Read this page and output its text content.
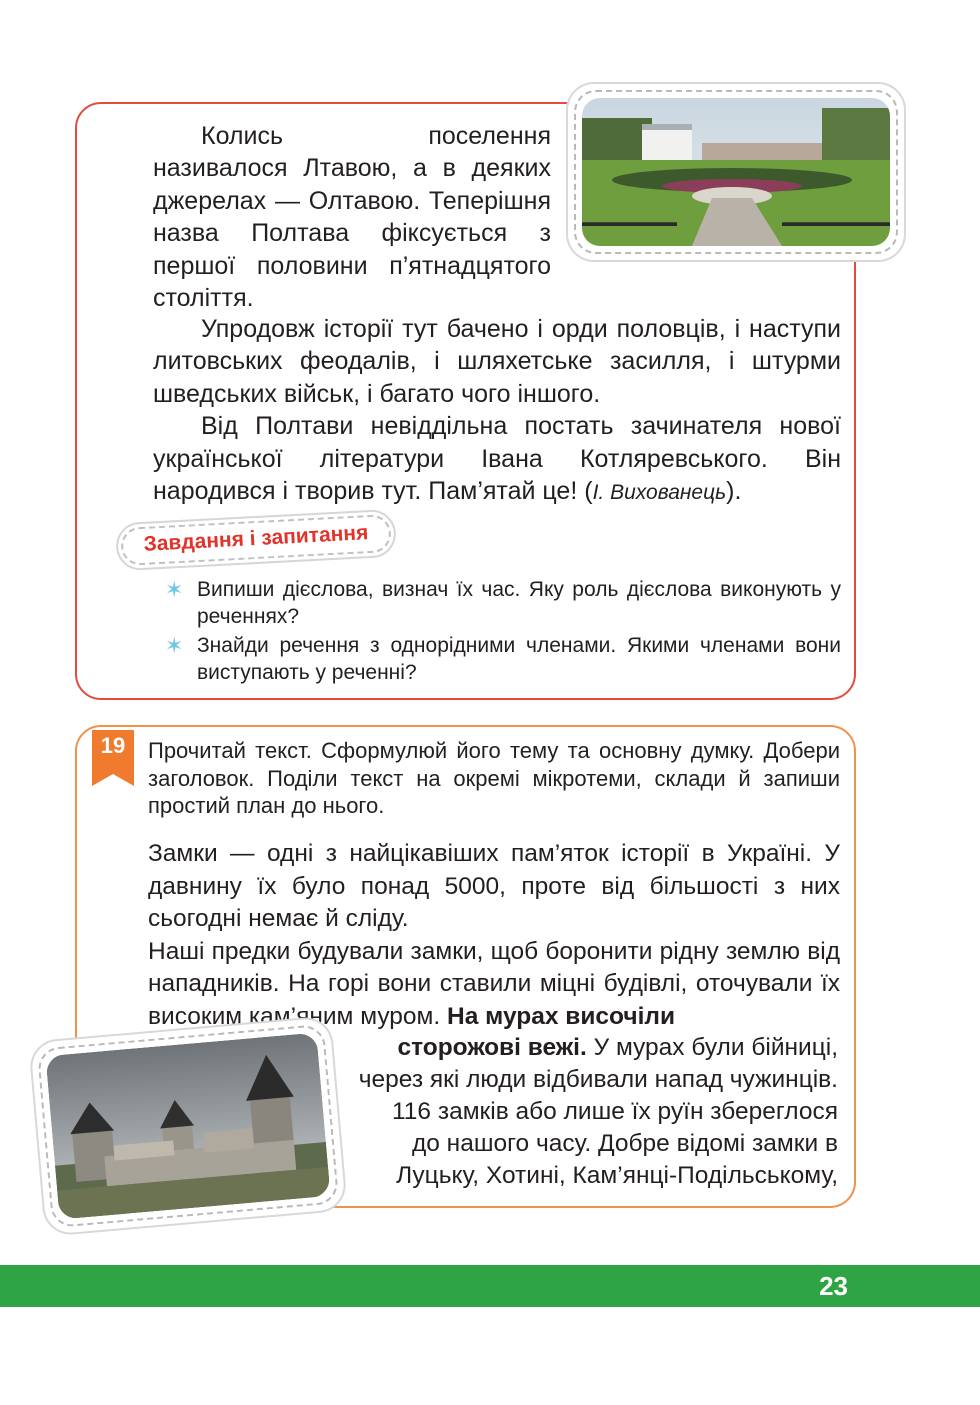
Колись поселення називалося Лтавою, а в деяких джерелах — Олтавою. Теперішня назва Полтава фіксується з першої половини п’ятнадцятого століття.

Упродовж історії тут бачено і орди половців, і наступи литовських феодалів, і шляхетське засилля, і штурми шведських військ, і багато чого іншого.

Від Полтави невіддільна постать зачинателя нової української літератури Івана Котляревського. Він народився і творив тут. Пам’ятай це! (І. Вихованець).

Завдання і запитання
✶ Випиши дієслова, визнач їх час. Яку роль дієслова виконують у реченнях?
✶ Знайди речення з однорідними членами. Якими членами вони виступають у реченні?
19	Прочитай текст. Сформулюй його тему та основну думку. Добери заголовок. Поділи текст на окремі мікротеми, склади й запиши простий план до нього.

Замки — одні з найцікавіших пам’яток історії в Україні. У давнину їх було понад 5000, проте від більшості з них сьогодні немає й сліду.

Наші предки будували замки, щоб боронити рідну землю від нападників. На горі вони ставили міцні будівлі, оточували їх високим кам’яним муром. На мурах височіли

сторожові вежі. У мурах були бійниці,
через які люди відбивали напад чужинців.
116 замків або лише їх руїн збереглося
до нашого часу. Добре відомі замки в
Луцьку, Хотині, Кам’янці-Подільському,
23
